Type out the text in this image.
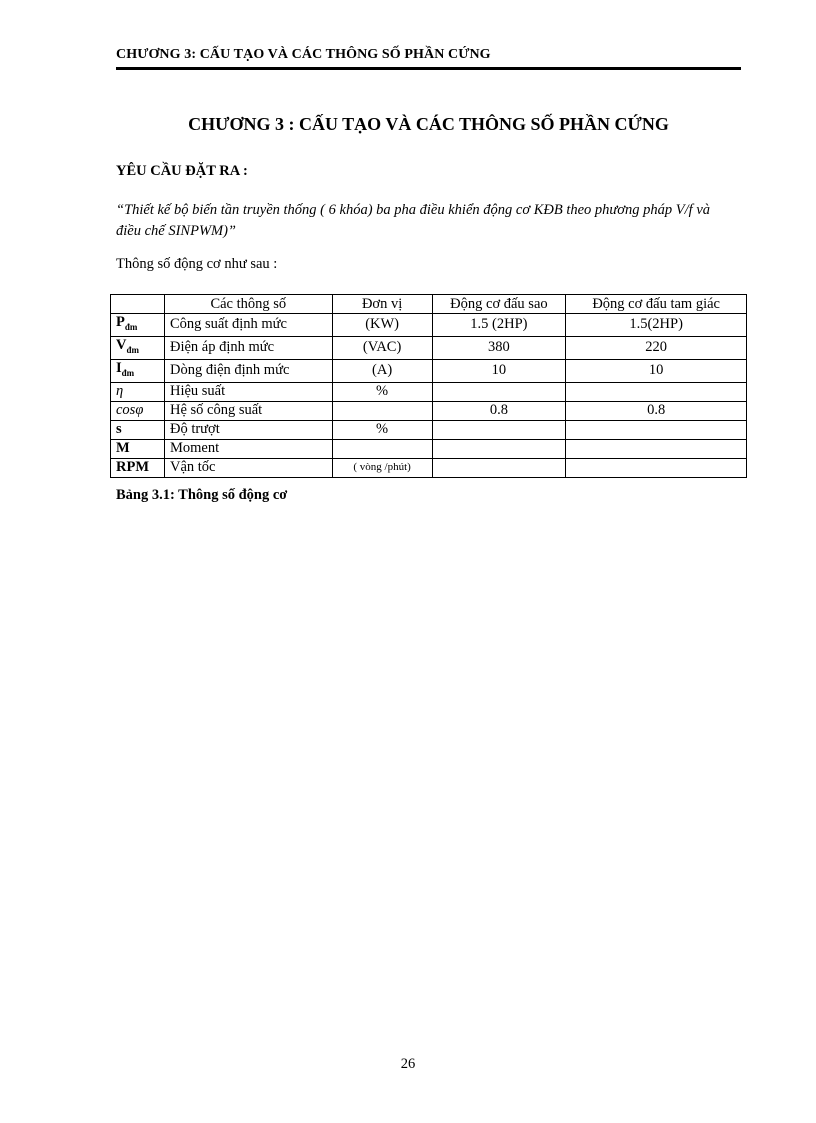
CHƯƠNG 3: CẤU TẠO VÀ CÁC THÔNG SỐ PHẦN CỨNG
CHƯƠNG 3 : CẤU TẠO VÀ CÁC THÔNG SỐ PHẦN CỨNG
YÊU CẦU ĐẶT RA :
“Thiết kế bộ biến tần truyền thống ( 6 khóa) ba pha điều khiển động cơ KĐB theo phương pháp V/f và điều chế SINPWM)”
Thông số động cơ như sau :
	Các thông số	Đơn vị	Động cơ đấu sao	Động cơ đấu tam giác
$P_{đm}$	Công suất định mức	(KW)	1.5 (2HP)	1.5(2HP)
$V_{đm}$	Điện áp định mức	(VAC)	380	220
$I_{đm}$	Dòng điện định mức	(A)	10	10
η	Hiệu suất	%		
cosφ	Hệ số công suất		0.8	0.8
s	Độ trượt	%		
M	Moment			
RPM	Vận tốc	( vòng /phút)		
Bảng 3.1: Thông số động cơ
26
